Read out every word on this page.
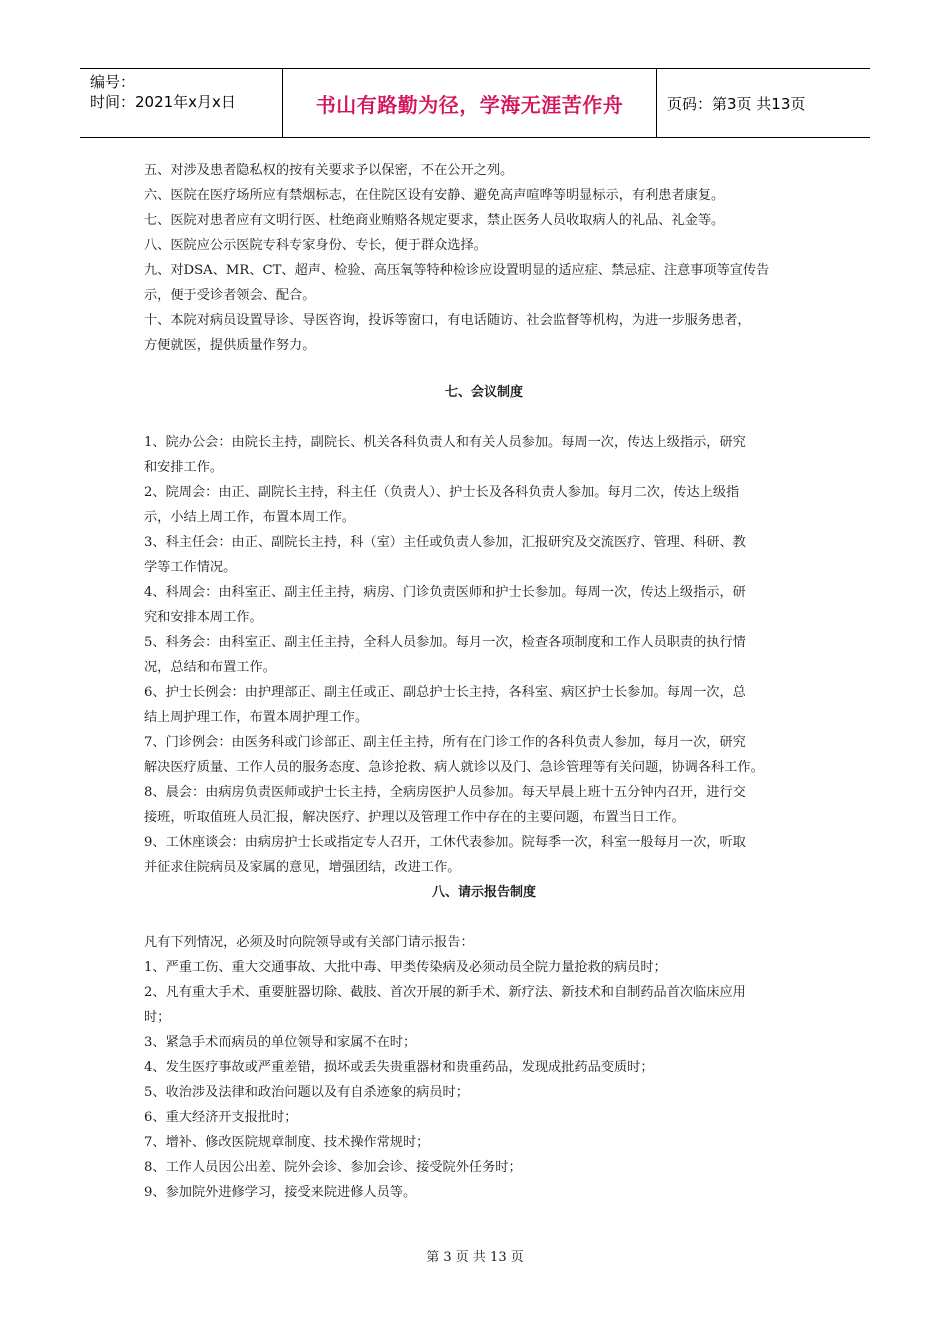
编号：
时间：2021年x月x日	书山有路勤为径，学海无涯苦作舟	页码：第3页 共13页
五、对涉及患者隐私权的按有关要求予以保密，不在公开之列。
六、医院在医疗场所应有禁烟标志，在住院区设有安静、避免高声喧哗等明显标示，有利患者康复。
七、医院对患者应有文明行医、杜绝商业贿赂各规定要求，禁止医务人员收取病人的礼品、礼金等。
八、医院应公示医院专科专家身份、专长，便于群众选择。
九、对DSA、MR、CT、超声、检验、高压氧等特种检诊应设置明显的适应症、禁忌症、注意事项等宣传告
示，便于受诊者领会、配合。
十、本院对病员设置导诊、导医咨询，投诉等窗口，有电话随访、社会监督等机构，为进一步服务患者，
方便就医，提供质量作努力。
七、会议制度
1、院办公会：由院长主持，副院长、机关各科负责人和有关人员参加。每周一次，传达上级指示，研究
和安排工作。
2、院周会：由正、副院长主持，科主任（负责人）、护士长及各科负责人参加。每月二次，传达上级指
示，小结上周工作，布置本周工作。
3、科主任会：由正、副院长主持，科（室）主任或负责人参加，汇报研究及交流医疗、管理、科研、教
学等工作情况。
4、科周会：由科室正、副主任主持，病房、门诊负责医师和护士长参加。每周一次，传达上级指示，研
究和安排本周工作。
5、科务会：由科室正、副主任主持，全科人员参加。每月一次，检查各项制度和工作人员职责的执行情
况，总结和布置工作。
6、护士长例会：由护理部正、副主任或正、副总护士长主持，各科室、病区护士长参加。每周一次，总
结上周护理工作，布置本周护理工作。
7、门诊例会：由医务科或门诊部正、副主任主持，所有在门诊工作的各科负责人参加，每月一次，研究
解决医疗质量、工作人员的服务态度、急诊抢救、病人就诊以及门、急诊管理等有关问题，协调各科工作。
8、晨会：由病房负责医师或护士长主持，全病房医护人员参加。每天早晨上班十五分钟内召开，进行交
接班，听取值班人员汇报，解决医疗、护理以及管理工作中存在的主要问题，布置当日工作。
9、工休座谈会：由病房护士长或指定专人召开，工休代表参加。院每季一次，科室一般每月一次，听取
并征求住院病员及家属的意见，增强团结，改进工作。
八、请示报告制度
凡有下列情况，必须及时向院领导或有关部门请示报告：
1、严重工伤、重大交通事故、大批中毒、甲类传染病及必须动员全院力量抢救的病员时；
2、凡有重大手术、重要脏器切除、截肢、首次开展的新手术、新疗法、新技术和自制药品首次临床应用
时；
3、紧急手术而病员的单位领导和家属不在时；
4、发生医疗事故或严重差错，损坏或丢失贵重器材和贵重药品，发现成批药品变质时；
5、收治涉及法律和政治问题以及有自杀迹象的病员时；
6、重大经济开支报批时；
7、增补、修改医院规章制度、技术操作常规时；
8、工作人员因公出差、院外会诊、参加会诊、接受院外任务时；
9、参加院外进修学习，接受来院进修人员等。
第 3 页 共 13 页
